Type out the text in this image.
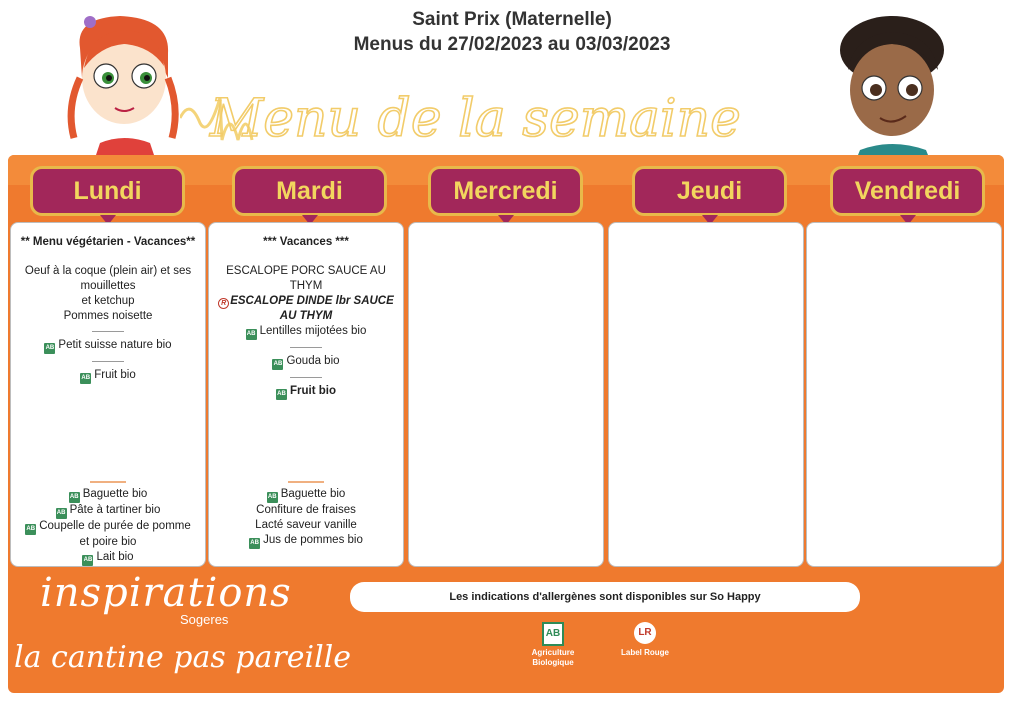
Saint Prix (Maternelle)
Menus du 27/02/2023 au 03/03/2023
Menu de la semaine
Lundi	Mardi	Mercredi	Jeudi	Vendredi
** Menu végétarien - Vacances**
Oeuf à la coque (plein air) et ses
mouillettes
et ketchup
Pommes noisette
AB Petit suisse nature bio
AB Fruit bio
AB Baguette bio
AB Pâte à tartiner bio
AB Coupelle de purée de pomme
et poire bio
AB Lait bio
*** Vacances ***
ESCALOPE PORC SAUCE AU
THYM
R ESCALOPE DINDE lbr SAUCE
AU THYM
AB Lentilles mijotées bio
AB Gouda bio
AB Fruit bio
AB Baguette bio
Confiture de fraises
Lacté saveur vanille
AB Jus de pommes bio
Les indications d'allergènes sont disponibles sur So Happy
inspirations
Sogeres
la cantine pas pareille
AB
Agriculture
Biologique
LR
Label Rouge
